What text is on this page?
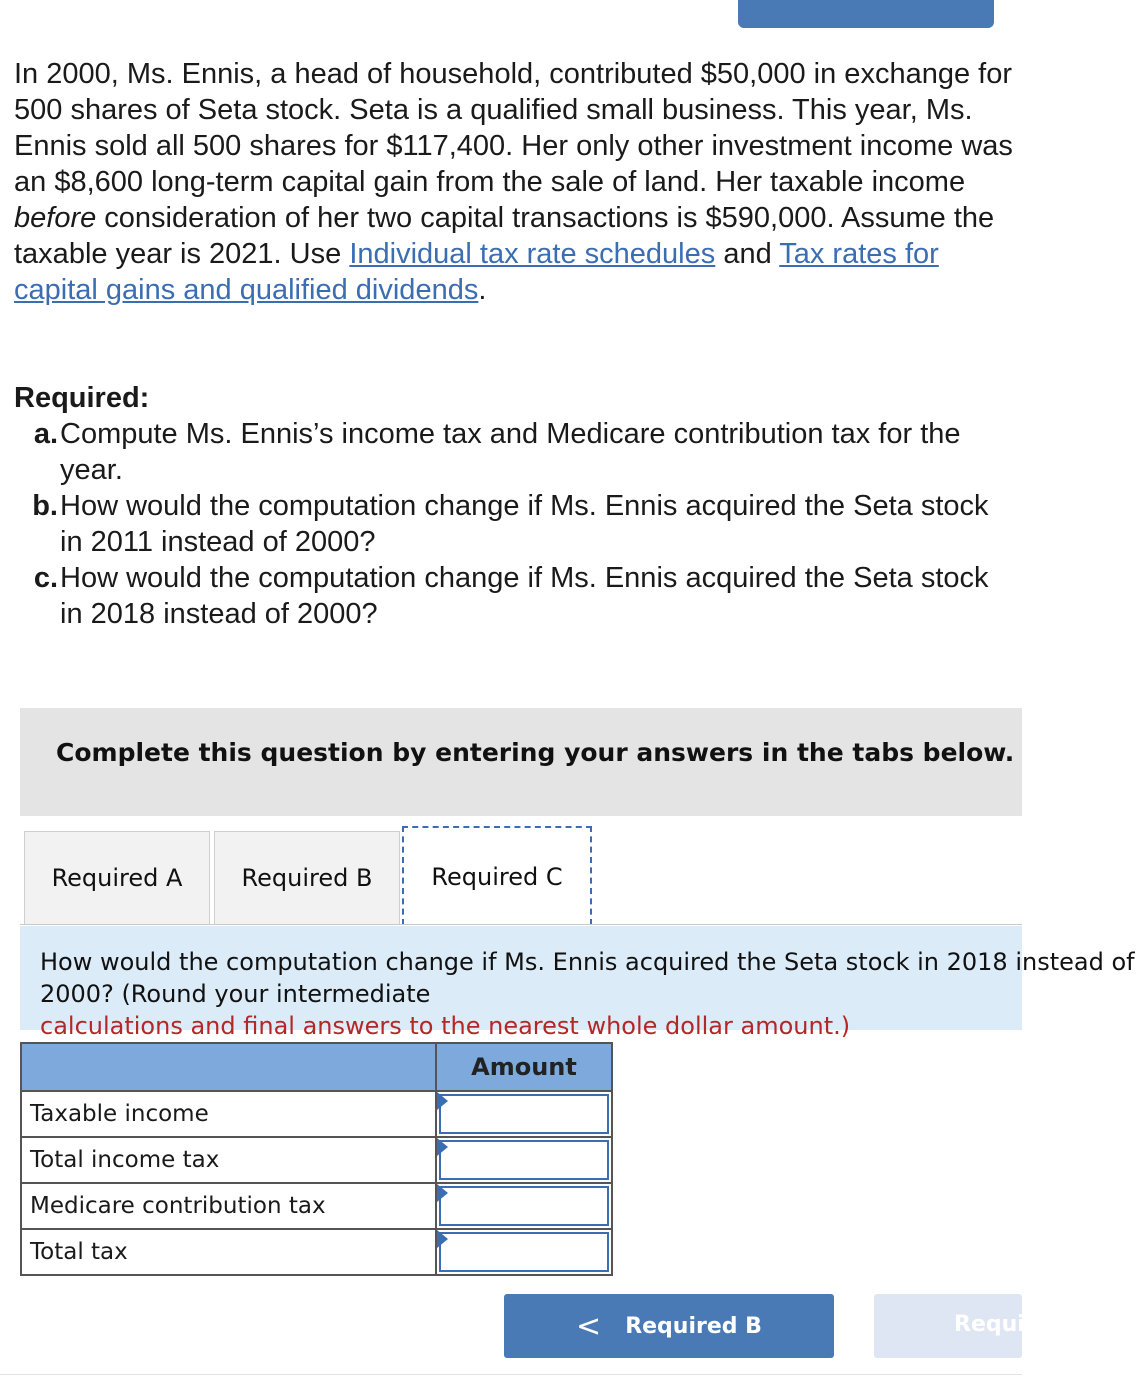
In 2000, Ms. Ennis, a head of household, contributed $50,000 in exchange for 500 shares of Seta stock. Seta is a qualified small business. This year, Ms. Ennis sold all 500 shares for $117,400. Her only other investment income was an $8,600 long-term capital gain from the sale of land. Her taxable income before consideration of her two capital transactions is $590,000. Assume the taxable year is 2021. Use Individual tax rate schedules and Tax rates for capital gains and qualified dividends.

Required:
a. Compute Ms. Ennis’s income tax and Medicare contribution tax for the year.
b. How would the computation change if Ms. Ennis acquired the Seta stock in 2011 instead of 2000?
c. How would the computation change if Ms. Ennis acquired the Seta stock in 2018 instead of 2000?
Complete this question by entering your answers in the tabs below.
Required A Required B Required C
How would the computation change if Ms. Ennis acquired the Seta stock in 2018 instead of 2000? (Round your intermediate
calculations and final answers to the nearest whole dollar amount.)
	Amount
Taxable income	

Total income tax	

Medicare contribution tax	

Total tax	
< Required B	Required C
